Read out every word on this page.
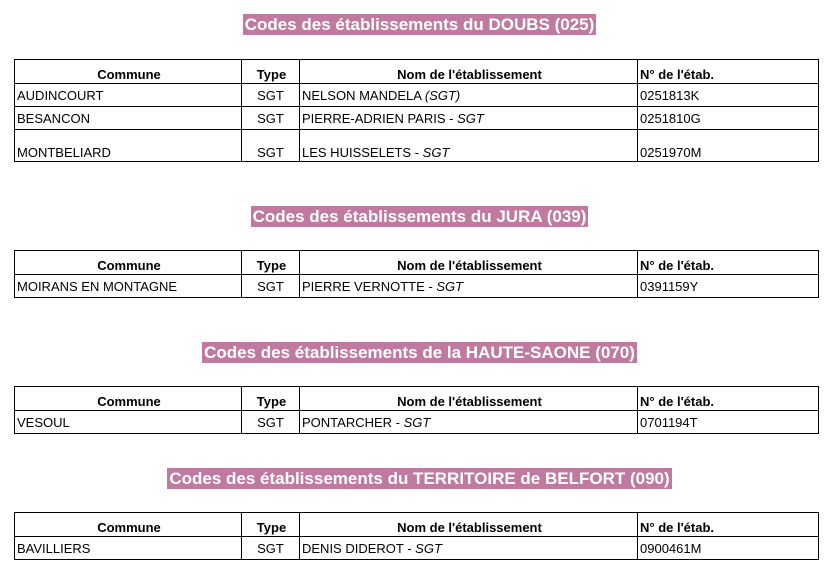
Codes des établissements du DOUBS (025)
Commune	Type	Nom de l'établissement	N° de l'étab.
AUDINCOURT	SGT	NELSON MANDELA (SGT)	0251813K
BESANCON	SGT	PIERRE-ADRIEN PARIS - SGT	0251810G
MONTBELIARD	SGT	LES HUISSELETS - SGT	0251970M
Codes des établissements du JURA (039)
Commune	Type	Nom de l'établissement	N° de l'étab.
MOIRANS EN MONTAGNE	SGT	PIERRE VERNOTTE - SGT	0391159Y
Codes des établissements de la HAUTE-SAONE (070)
Commune	Type	Nom de l'établissement	N° de l'étab.
VESOUL	SGT	PONTARCHER - SGT	0701194T
Codes des établissements du TERRITOIRE de BELFORT (090)
Commune	Type	Nom de l'établissement	N° de l'étab.
BAVILLIERS	SGT	DENIS DIDEROT - SGT	0900461M
